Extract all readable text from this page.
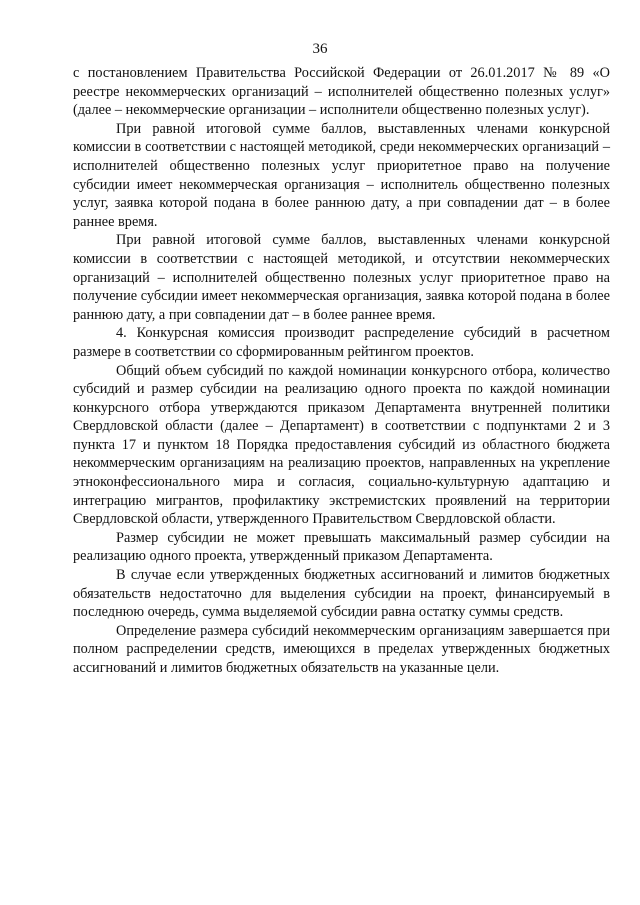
36

с постановлением Правительства Российской Федерации от 26.01.2017 № 89 «О реестре некоммерческих организаций – исполнителей общественно полезных услуг» (далее – некоммерческие организации – исполнители общественно полезных услуг).

При равной итоговой сумме баллов, выставленных членами конкурсной комиссии в соответствии с настоящей методикой, среди некоммерческих организаций – исполнителей общественно полезных услуг приоритетное право на получение субсидии имеет некоммерческая организация – исполнитель общественно полезных услуг, заявка которой подана в более раннюю дату, а при совпадении дат – в более раннее время.

При равной итоговой сумме баллов, выставленных членами конкурсной комиссии в соответствии с настоящей методикой, и отсутствии некоммерческих организаций – исполнителей общественно полезных услуг приоритетное право на получение субсидии имеет некоммерческая организация, заявка которой подана в более раннюю дату, а при совпадении дат – в более раннее время.

4. Конкурсная комиссия производит распределение субсидий в расчетном размере в соответствии со сформированным рейтингом проектов.

Общий объем субсидий по каждой номинации конкурсного отбора, количество субсидий и размер субсидии на реализацию одного проекта по каждой номинации конкурсного отбора утверждаются приказом Департамента внутренней политики Свердловской области (далее – Департамент) в соответствии с подпунктами 2 и 3 пункта 17 и пунктом 18 Порядка предоставления субсидий из областного бюджета некоммерческим организациям на реализацию проектов, направленных на укрепление этноконфессионального мира и согласия, социально-культурную адаптацию и интеграцию мигрантов, профилактику экстремистских проявлений на территории Свердловской области, утвержденного Правительством Свердловской области.

Размер субсидии не может превышать максимальный размер субсидии на реализацию одного проекта, утвержденный приказом Департамента.

В случае если утвержденных бюджетных ассигнований и лимитов бюджетных обязательств недостаточно для выделения субсидии на проект, финансируемый в последнюю очередь, сумма выделяемой субсидии равна остатку суммы средств.

Определение размера субсидий некоммерческим организациям завершается при полном распределении средств, имеющихся в пределах утвержденных бюджетных ассигнований и лимитов бюджетных обязательств на указанные цели.
